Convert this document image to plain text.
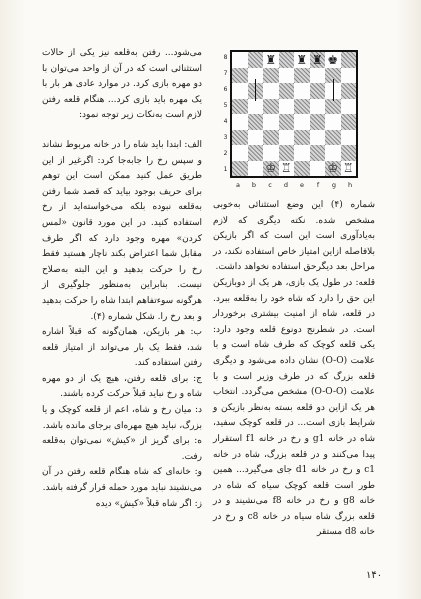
می‌شود... رفتن به‌قلعه نیز یکی از حالات استثنائی است که در آن از واحد می‌توان با دو مهره بازی کرد. در موارد عادی هر بار با یک مهره باید بازی کرد... هنگام قلعه رفتن لازم است به‌نکات زیر توجه نمود:

الف: ابتدا باید شاه را در خانه مربوط نشاند و سپس رخ را جابه‌جا کرد: اگرغیر از این طریق عمل کنید ممکن است این توهم برای حریف بوجود بیاید که قصد شما رفتن به‌قلعه نبوده بلکه می‌خواسته‌اید از رخ استفاده کنید. در این مورد قانون «لمس کردن» مهره وجود دارد که اگر طرف مقابل شما اعتراض بکند ناچار هستید فقط رخ را حرکت بدهید و این البته به‌صلاح نیست. بنابراین به‌منظور جلوگیری از هرگونه سوءتفاهم ابتدا شاه را حرکت بدهید و بعد رخ را. شکل شماره (۴).

ب: هر بازیکن، همان‌گونه که قبلاً اشاره شد، فقط یک بار می‌تواند از امتیاز قلعه رفتن استفاده کند.

ج: برای قلعه رفتن، هیچ یک از دو مهره شاه و رخ نباید قبلاً حرکت کرده باشند.

د: میان رخ و شاه، اعم از قلعه کوچک و یا بزرگ، نباید هیچ مهره‌ای برجای مانده باشد.

ه: برای گریز از «کیش» نمی‌توان به‌قلعه رفت.

و: خانه‌ای که شاه هنگام قلعه رفتن در آن می‌نشیند نباید مورد حمله قرار گرفته باشد.

ز: اگر شاه قبلاً «کیش» دیده

8
7
6
5
4
3
2
1
♜ ♜ ♜ ♚
♔ ♖	♔ ♖
a	b	c	d	e	f	g	h

شماره (۴) این وضع استثنائی به‌خوبی مشخص شده. نکته دیگری که لازم به‌یادآوری است این است که اگر بازیکن بلافاصله ازاین امتیاز خاص استفاده نکند، در مراحل بعد دیگرحق استفاده نخواهد داشت.

قلعه: در طول یک بازی، هر یک از دوبازیکن این حق را دارد که شاه خود را به‌قلعه ببرد. در قلعه، شاه از امنیت بیشتری برخوردار است. در شطرنج دونوع قلعه وجود دارد: یکی قلعه کوچک که طرف شاه است و با علامت (O-O) نشان داده می‌شود و دیگری قلعه بزرگ که در طرف وزیر است و با علامت (O-O-O) مشخص می‌گردد. انتخاب هر یک ازاین دو قلعه بسته به‌نظر بازیکن و شرایط بازی است... در قلعه کوچک سفید، شاه در خانه g1 و رخ در خانه f1 استقرار پیدا می‌کنند و در قلعه بزرگ، شاه در خانه c1 و رخ در خانه d1 جای می‌گیرد... همین طور است قلعه کوچک سیاه که شاه در خانه g8 و رخ در خانه f8 می‌نشیند و در قلعه بزرگ شاه سیاه در خانه c8 و رخ در خانه d8 مستقر

۱۴۰
